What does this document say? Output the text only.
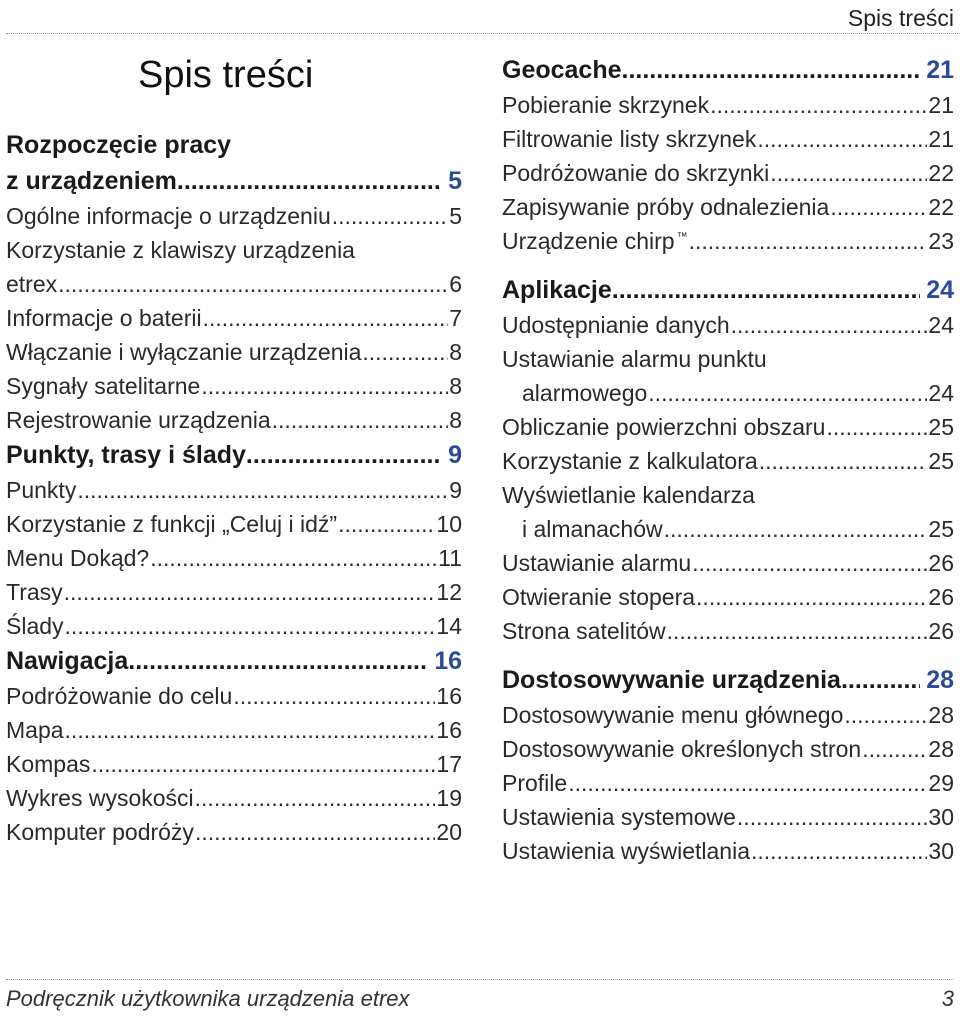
Spis treści
Spis treści
Rozpoczęcie pracy
z urządzeniem .....	5
Ogólne informacje o urządzeniu .....	5
Korzystanie z klawiszy urządzenia
etrex .....	6
Informacje o baterii .....	7
Włączanie i wyłączanie urządzenia .....	8
Sygnały satelitarne .....	8
Rejestrowanie urządzenia .....	8
Punkty, trasy i ślady .....	9
Punkty .....	9
Korzystanie z funkcji „Celuj i idź” .....	10
Menu Dokąd? .....	11
Trasy .....	12
Ślady .....	14
Nawigacja .....	16
Podróżowanie do celu .....	16
Mapa .....	16
Kompas .....	17
Wykres wysokości .....	19
Komputer podróży .....	20
Geocache .....	21
Pobieranie skrzynek .....	21
Filtrowanie listy skrzynek .....	21
Podróżowanie do skrzynki .....	22
Zapisywanie próby odnalezienia .....	22
Urządzenie chirp ™ .....	23
Aplikacje .....	24
Udostępnianie danych .....	24
Ustawianie alarmu punktu
alarmowego .....	24
Obliczanie powierzchni obszaru .....	25
Korzystanie z kalkulatora .....	25
Wyświetlanie kalendarza
i almanachów .....	25
Ustawianie alarmu .....	26
Otwieranie stopera .....	26
Strona satelitów .....	26
Dostosowywanie urządzenia .....	28
Dostosowywanie menu głównego .....	28
Dostosowywanie określonych stron .....	28
Profile .....	29
Ustawienia systemowe .....	30
Ustawienia wyświetlania .....	30
Podręcznik użytkownika urządzenia etrex	3
